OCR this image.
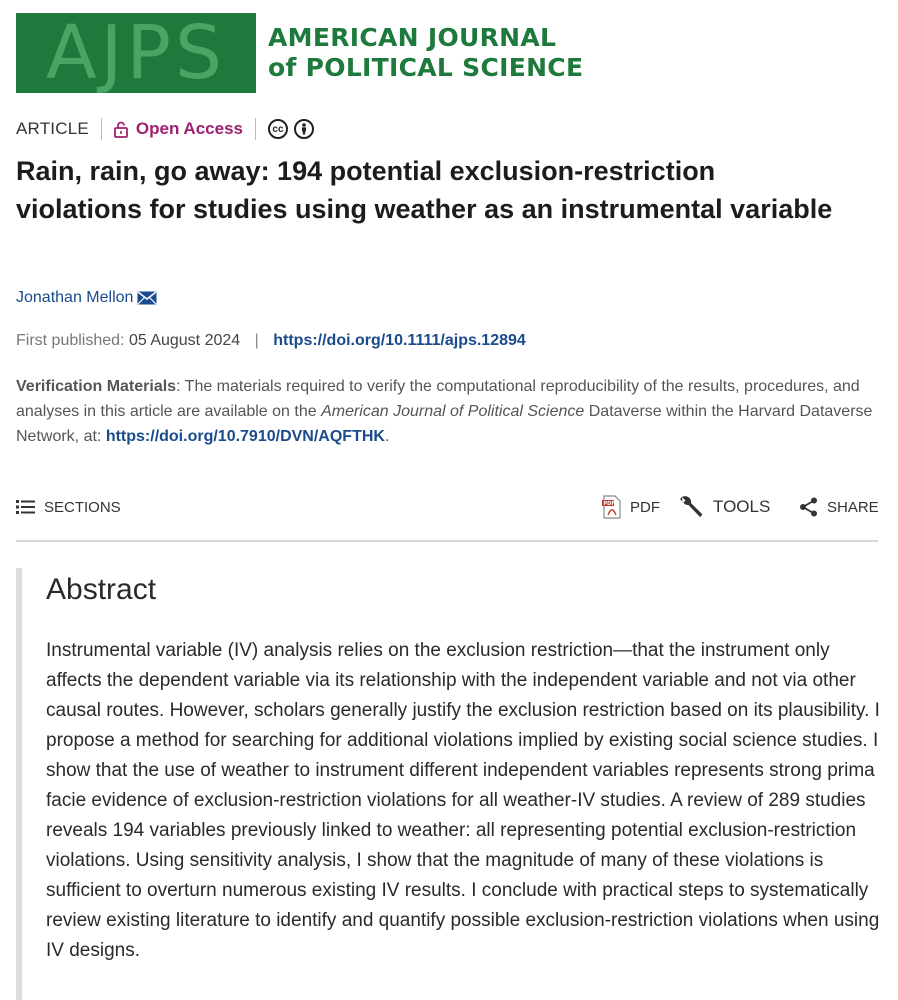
AJPS AMERICAN JOURNAL
of POLITICAL SCIENCE
ARTICLE	Open Access	cc
Rain, rain, go away: 194 potential exclusion-restriction violations for studies using weather as an instrumental variable
Jonathan Mellon
First published: 05 August 2024 | https://doi.org/10.1111/ajps.12894
Verification Materials: The materials required to verify the computational reproducibility of the results, procedures, and analyses in this article are available on the American Journal of Political Science Dataverse within the Harvard Dataverse Network, at: https://doi.org/10.7910/DVN/AQFTHK.
SECTIONS	PDF PDF	TOOLS	SHARE
Abstract

Instrumental variable (IV) analysis relies on the exclusion restriction—that the instrument only affects the dependent variable via its relationship with the independent variable and not via other causal routes. However, scholars generally justify the exclusion restriction based on its plausibility. I propose a method for searching for additional violations implied by existing social science studies. I show that the use of weather to instrument different independent variables represents strong prima facie evidence of exclusion-restriction violations for all weather-IV studies. A review of 289 studies reveals 194 variables previously linked to weather: all representing potential exclusion-restriction violations. Using sensitivity analysis, I show that the magnitude of many of these violations is sufficient to overturn numerous existing IV results. I conclude with practical steps to systematically review existing literature to identify and quantify possible exclusion-restriction violations when using IV designs.
